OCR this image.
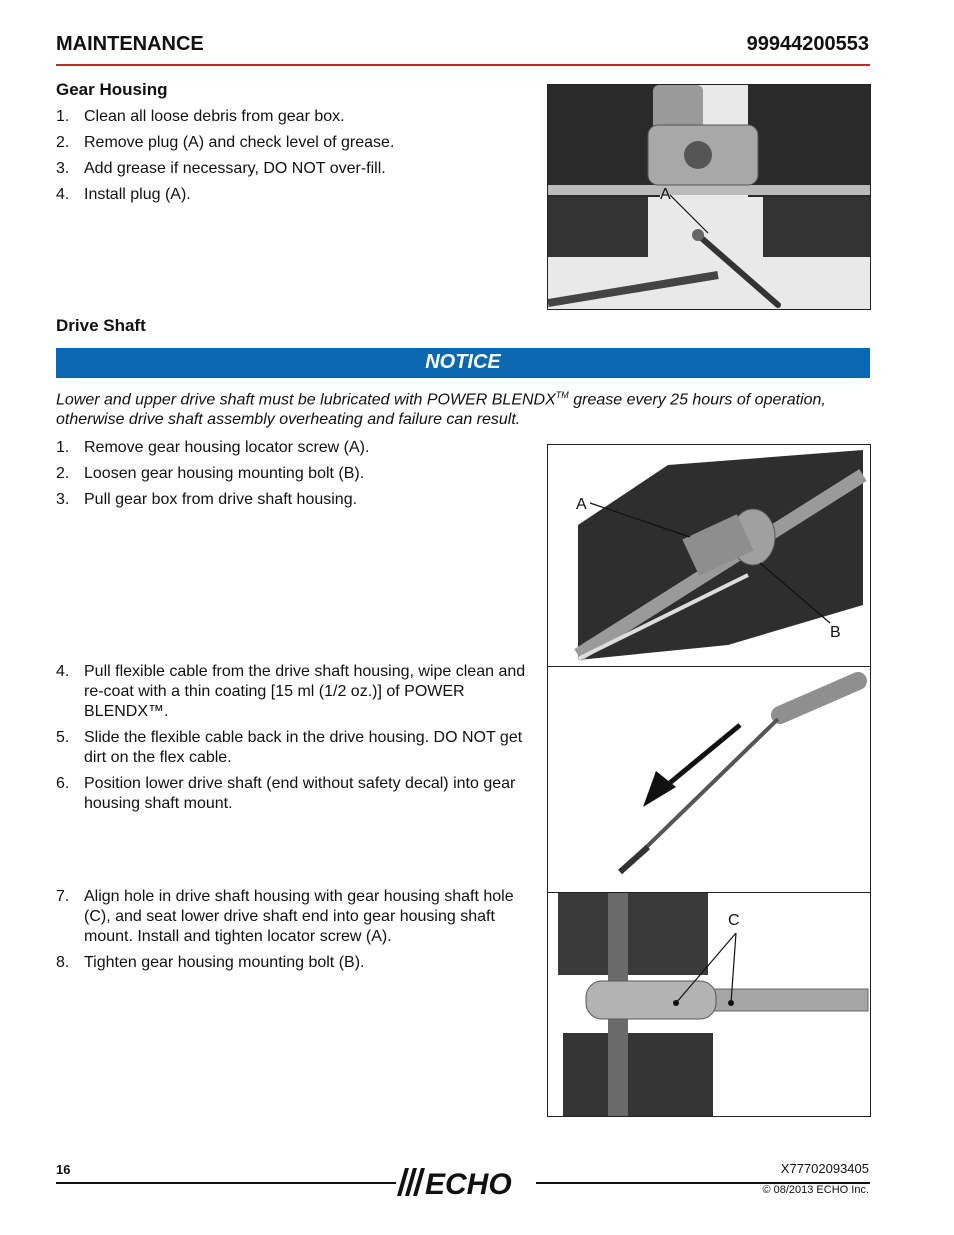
MAINTENANCE	99944200553
Gear Housing
1. Clean all loose debris from gear box.
2. Remove plug (A) and check level of grease.
3. Add grease if necessary, DO NOT over-fill.
4. Install plug (A).	A
Drive Shaft
NOTICE
Lower and upper drive shaft must be lubricated with POWER BLENDX™ grease every 25 hours of operation, otherwise drive shaft assembly overheating and failure can result.
1. Remove gear housing locator screw (A).
2. Loosen gear housing mounting bolt (B).
3. Pull gear box from drive shaft housing.
4. Pull flexible cable from the drive shaft housing, wipe clean and re-coat with a thin coating [15 ml (1/2 oz.)] of POWER BLENDX™.
5. Slide the flexible cable back in the drive housing. DO NOT get dirt on the flex cable.
6. Position lower drive shaft (end without safety decal) into gear housing shaft mount.
7. Align hole in drive shaft housing with gear housing shaft hole (C), and seat lower drive shaft end into gear housing shaft mount. Install and tighten locator screw (A).
8. Tighten gear housing mounting bolt (B).
A
B
C
16	ECHO	X77702093405
© 08/2013 ECHO Inc.
